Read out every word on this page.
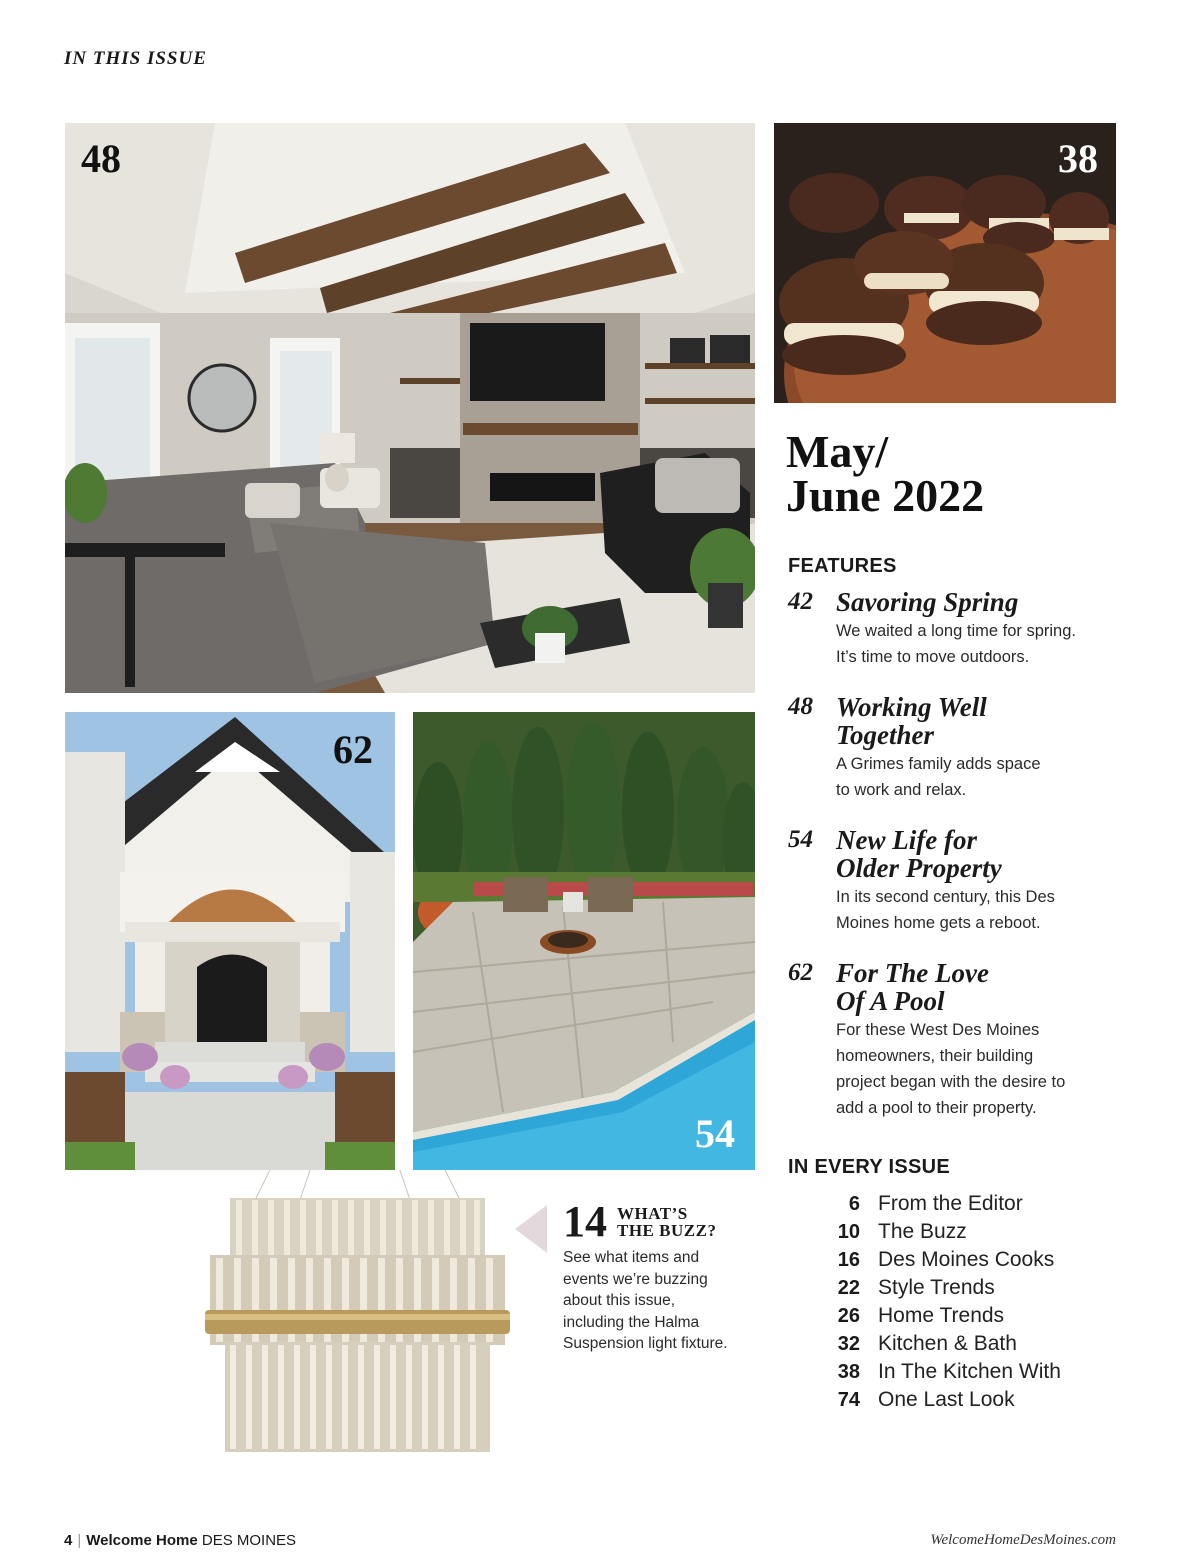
IN THIS ISSUE
48	38
62
54
14 WHAT’S
THE BUZZ?
See what items and
events we’re buzzing
about this issue,
including the Halma
Suspension light fixture.
May/
June 2022
FEATURES
42 Savoring Spring
We waited a long time for spring.
It’s time to move outdoors.
48 Working Well
Together
A Grimes family adds space
to work and relax.
54 New Life for
Older Property
In its second century, this Des
Moines home gets a reboot.
62 For The Love
Of A Pool
For these West Des Moines
homeowners, their building
project began with the desire to
add a pool to their property.
IN EVERY ISSUE
6 From the Editor
10 The Buzz
16 Des Moines Cooks
22 Style Trends
26 Home Trends
32 Kitchen & Bath
38 In The Kitchen With
74 One Last Look
4 | Welcome Home DES MOINES	WelcomeHomeDesMoines.com
